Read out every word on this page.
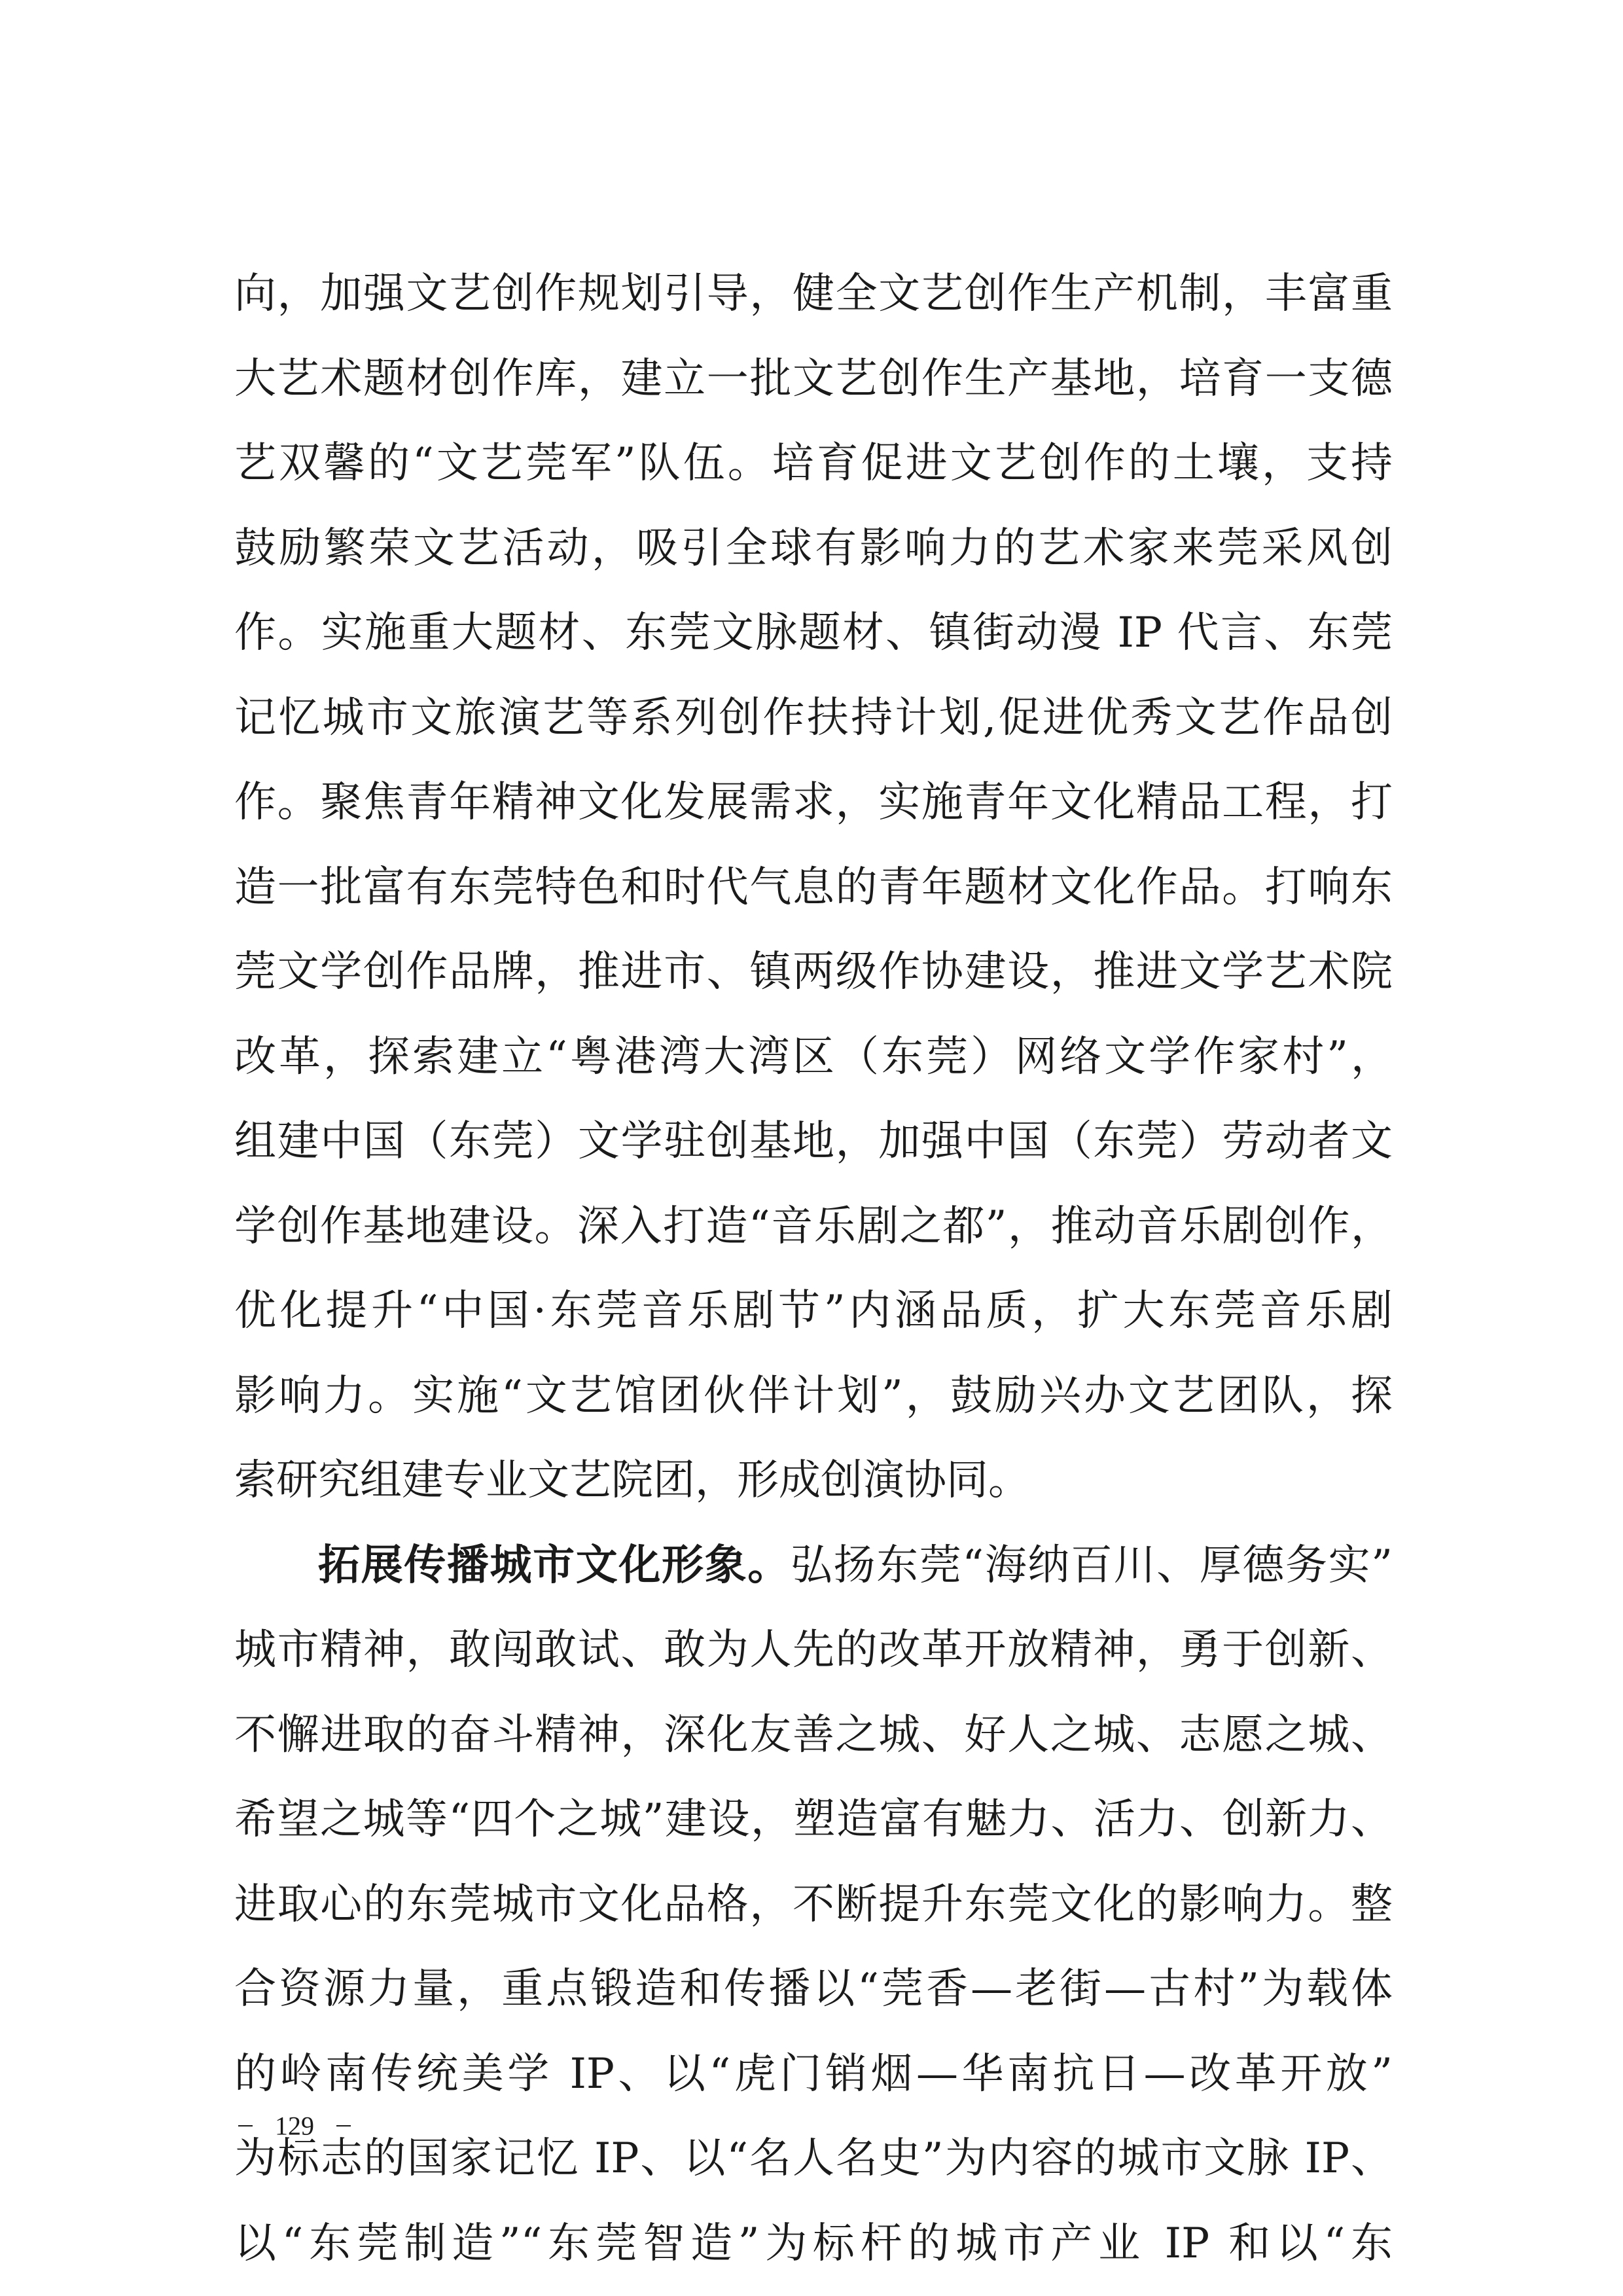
向，加强文艺创作规划引导，健全文艺创作生产机制，丰富重
大艺术题材创作库，建立一批文艺创作生产基地，培育一支德
艺双馨的“文艺莞军”队伍。培育促进文艺创作的土壤，支持
鼓励繁荣文艺活动，吸引全球有影响力的艺术家来莞采风创
作。实施重大题材、东莞文脉题材、镇街动漫 IP 代言、东莞
记忆城市文旅演艺等系列创作扶持计划,促进优秀文艺作品创
作。聚焦青年精神文化发展需求，实施青年文化精品工程，打
造一批富有东莞特色和时代气息的青年题材文化作品。打响东
莞文学创作品牌，推进市、镇两级作协建设，推进文学艺术院
改革，探索建立“粤港湾大湾区（东莞）网络文学作家村”，
组建中国（东莞）文学驻创基地，加强中国（东莞）劳动者文
学创作基地建设。深入打造“音乐剧之都”，推动音乐剧创作，
优化提升“中国·东莞音乐剧节”内涵品质，扩大东莞音乐剧
影响力。实施“文艺馆团伙伴计划”，鼓励兴办文艺团队，探
索研究组建专业文艺院团，形成创演协同。
拓展传播城市文化形象。弘扬东莞“海纳百川、厚德务实”
城市精神，敢闯敢试、敢为人先的改革开放精神，勇于创新、
不懈进取的奋斗精神，深化友善之城、好人之城、志愿之城、
希望之城等“四个之城”建设，塑造富有魅力、活力、创新力、
进取心的东莞城市文化品格，不断提升东莞文化的影响力。整
合资源力量，重点锻造和传播以“莞香—老街—古村”为载体
的岭南传统美学 IP、以“虎门销烟—华南抗日—改革开放”
为标志的国家记忆 IP、以“名人名史”为内容的城市文脉 IP、
以“东莞制造”“东莞智造”为标杆的城市产业 IP 和以“东
129
